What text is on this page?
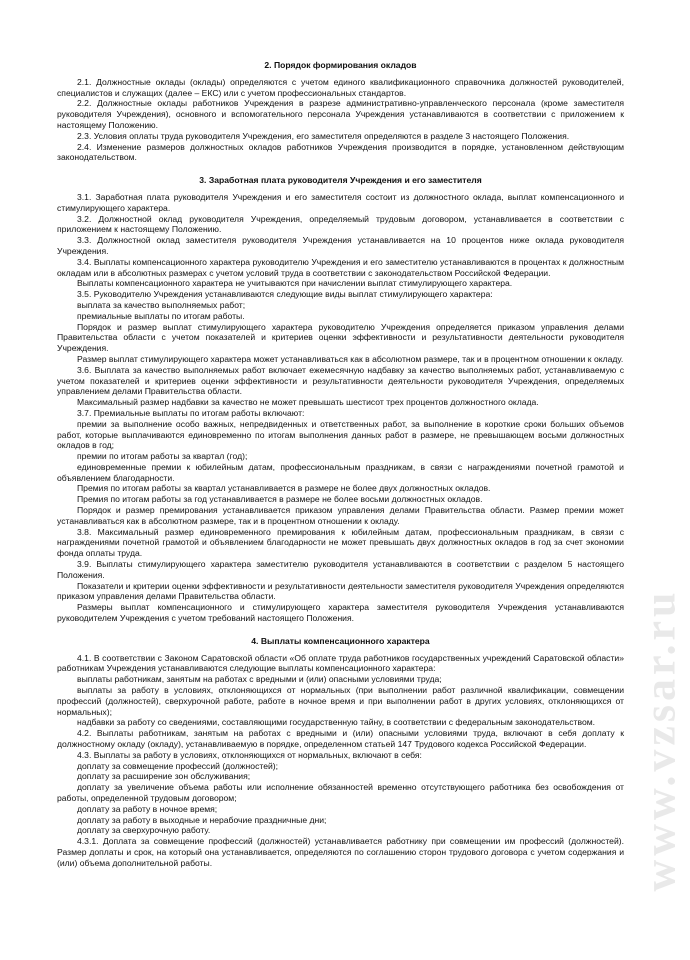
www.vzsar.ru
2. Порядок формирования окладов

2.1. Должностные оклады (оклады) определяются с учетом единого квалификационного справочника должностей руководителей, специалистов и служащих (далее – ЕКС) или с учетом профессиональных стандартов.

2.2. Должностные оклады работников Учреждения в разрезе административно-управленческого персонала (кроме заместителя руководителя Учреждения), основного и вспомогательного персонала Учреждения устанавливаются в соответствии с приложением к настоящему Положению.

2.3. Условия оплаты труда руководителя Учреждения, его заместителя определяются в разделе 3 настоящего Положения.

2.4. Изменение размеров должностных окладов работников Учреждения производится в порядке, установленном действующим законодательством.

3. Заработная плата руководителя Учреждения и его заместителя

3.1. Заработная плата руководителя Учреждения и его заместителя состоит из должностного оклада, выплат компенсационного и стимулирующего характера.

3.2. Должностной оклад руководителя Учреждения, определяемый трудовым договором, устанавливается в соответствии с приложением к настоящему Положению.

3.3. Должностной оклад заместителя руководителя Учреждения устанавливается на 10 процентов ниже оклада руководителя Учреждения.

3.4. Выплаты компенсационного характера руководителю Учреждения и его заместителю устанавливаются в процентах к должностным окладам или в абсолютных размерах с учетом условий труда в соответствии с законодательством Российской Федерации.

Выплаты компенсационного характера не учитываются при начислении выплат стимулирующего характера.

3.5. Руководителю Учреждения устанавливаются следующие виды выплат стимулирующего характера:

выплата за качество выполняемых работ;

премиальные выплаты по итогам работы.

Порядок и размер выплат стимулирующего характера руководителю Учреждения определяется приказом управления делами Правительства области с учетом показателей и критериев оценки эффективности и результативности деятельности руководителя Учреждения.

Размер выплат стимулирующего характера может устанавливаться как в абсолютном размере, так и в процентном отношении к окладу.

3.6. Выплата за качество выполняемых работ включает ежемесячную надбавку за качество выполняемых работ, устанавливаемую с учетом показателей и критериев оценки эффективности и результативности деятельности руководителя Учреждения, определяемых управлением делами Правительства области.

Максимальный размер надбавки за качество не может превышать шестисот трех процентов должностного оклада.

3.7. Премиальные выплаты по итогам работы включают:

премии за выполнение особо важных, непредвиденных и ответственных работ, за выполнение в короткие сроки больших объемов работ, которые выплачиваются единовременно по итогам выполнения данных работ в размере, не превышающем восьми должностных окладов в год;

премии по итогам работы за квартал (год);

единовременные премии к юбилейным датам, профессиональным праздникам, в связи с награждениями почетной грамотой и объявлением благодарности.

Премия по итогам работы за квартал устанавливается в размере не более двух должностных окладов.

Премия по итогам работы за год устанавливается в размере не более восьми должностных окладов.

Порядок и размер премирования устанавливается приказом управления делами Правительства области. Размер премии может устанавливаться как в абсолютном размере, так и в процентном отношении к окладу.

3.8. Максимальный размер единовременного премирования к юбилейным датам, профессиональным праздникам, в связи с награждениями почетной грамотой и объявлением благодарности не может превышать двух должностных окладов в год за счет экономии фонда оплаты труда.

3.9. Выплаты стимулирующего характера заместителю руководителя устанавливаются в соответствии с разделом 5 настоящего Положения.

Показатели и критерии оценки эффективности и результативности деятельности заместителя руководителя Учреждения определяются приказом управления делами Правительства области.

Размеры выплат компенсационного и стимулирующего характера заместителя руководителя Учреждения устанавливаются руководителем Учреждения с учетом требований настоящего Положения.

4. Выплаты компенсационного характера

4.1. В соответствии с Законом Саратовской области «Об оплате труда работников государственных учреждений Саратовской области» работникам Учреждения устанавливаются следующие выплаты компенсационного характера:

выплаты работникам, занятым на работах с вредными и (или) опасными условиями труда;

выплаты за работу в условиях, отклоняющихся от нормальных (при выполнении работ различной квалификации, совмещении профессий (должностей), сверхурочной работе, работе в ночное время и при выполнении работ в других условиях, отклоняющихся от нормальных);

надбавки за работу со сведениями, составляющими государственную тайну, в соответствии с федеральным законодательством.

4.2. Выплаты работникам, занятым на работах с вредными и (или) опасными условиями труда, включают в себя доплату к должностному окладу (окладу), устанавливаемую в порядке, определенном статьей 147 Трудового кодекса Российской Федерации.

4.3. Выплаты за работу в условиях, отклоняющихся от нормальных, включают в себя:

доплату за совмещение профессий (должностей);

доплату за расширение зон обслуживания;

доплату за увеличение объема работы или исполнение обязанностей временно отсутствующего работника без освобождения от работы, определенной трудовым договором;

доплату за работу в ночное время;

доплату за работу в выходные и нерабочие праздничные дни;

доплату за сверхурочную работу.

4.3.1. Доплата за совмещение профессий (должностей) устанавливается работнику при совмещении им профессий (должностей). Размер доплаты и срок, на который она устанавливается, определяются по соглашению сторон трудового договора с учетом содержания и (или) объема дополнительной работы.
